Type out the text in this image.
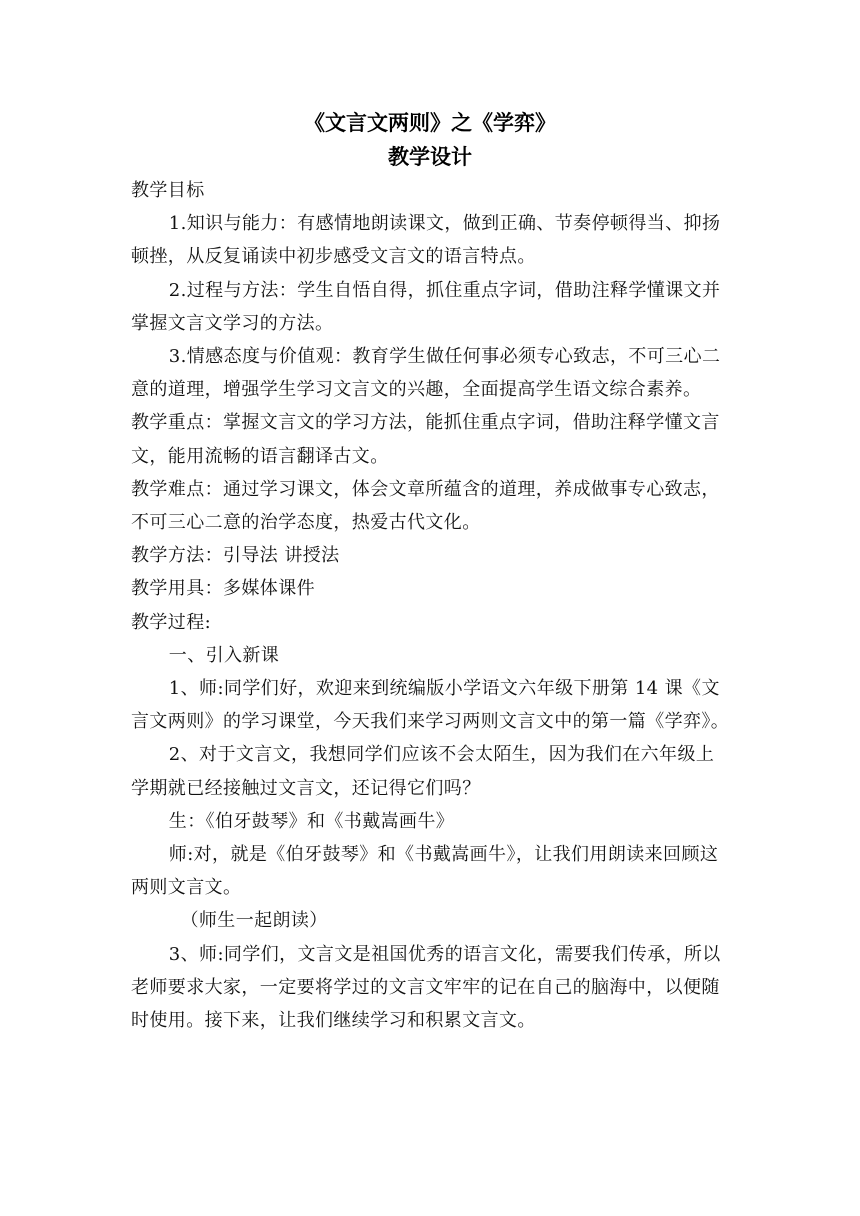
《文言文两则》之《学弈》
教学设计

教学目标

1.知识与能力：有感情地朗读课文，做到正确、节奏停顿得当、抑扬顿挫，从反复诵读中初步感受文言文的语言特点。

2.过程与方法：学生自悟自得，抓住重点字词，借助注释学懂课文并掌握文言文学习的方法。

3.情感态度与价值观：教育学生做任何事必须专心致志，不可三心二意的道理，增强学生学习文言文的兴趣，全面提高学生语文综合素养。

教学重点：掌握文言文的学习方法，能抓住重点字词，借助注释学懂文言文，能用流畅的语言翻译古文。

教学难点：通过学习课文，体会文章所蕴含的道理，养成做事专心致志，不可三心二意的治学态度，热爱古代文化。

教学方法：引导法 讲授法

教学用具：多媒体课件

教学过程:

一、引入新课

1、师:同学们好，欢迎来到统编版小学语文六年级下册第 14 课《文言文两则》的学习课堂，今天我们来学习两则文言文中的第一篇《学弈》。

2、对于文言文，我想同学们应该不会太陌生，因为我们在六年级上学期就已经接触过文言文，还记得它们吗？

生：《伯牙鼓琴》和《书戴嵩画牛》

师:对，就是《伯牙鼓琴》和《书戴嵩画牛》，让我们用朗读来回顾这两则文言文。

（师生一起朗读）

3、师:同学们，文言文是祖国优秀的语言文化，需要我们传承，所以老师要求大家，一定要将学过的文言文牢牢的记在自己的脑海中，以便随时使用。接下来，让我们继续学习和积累文言文。
